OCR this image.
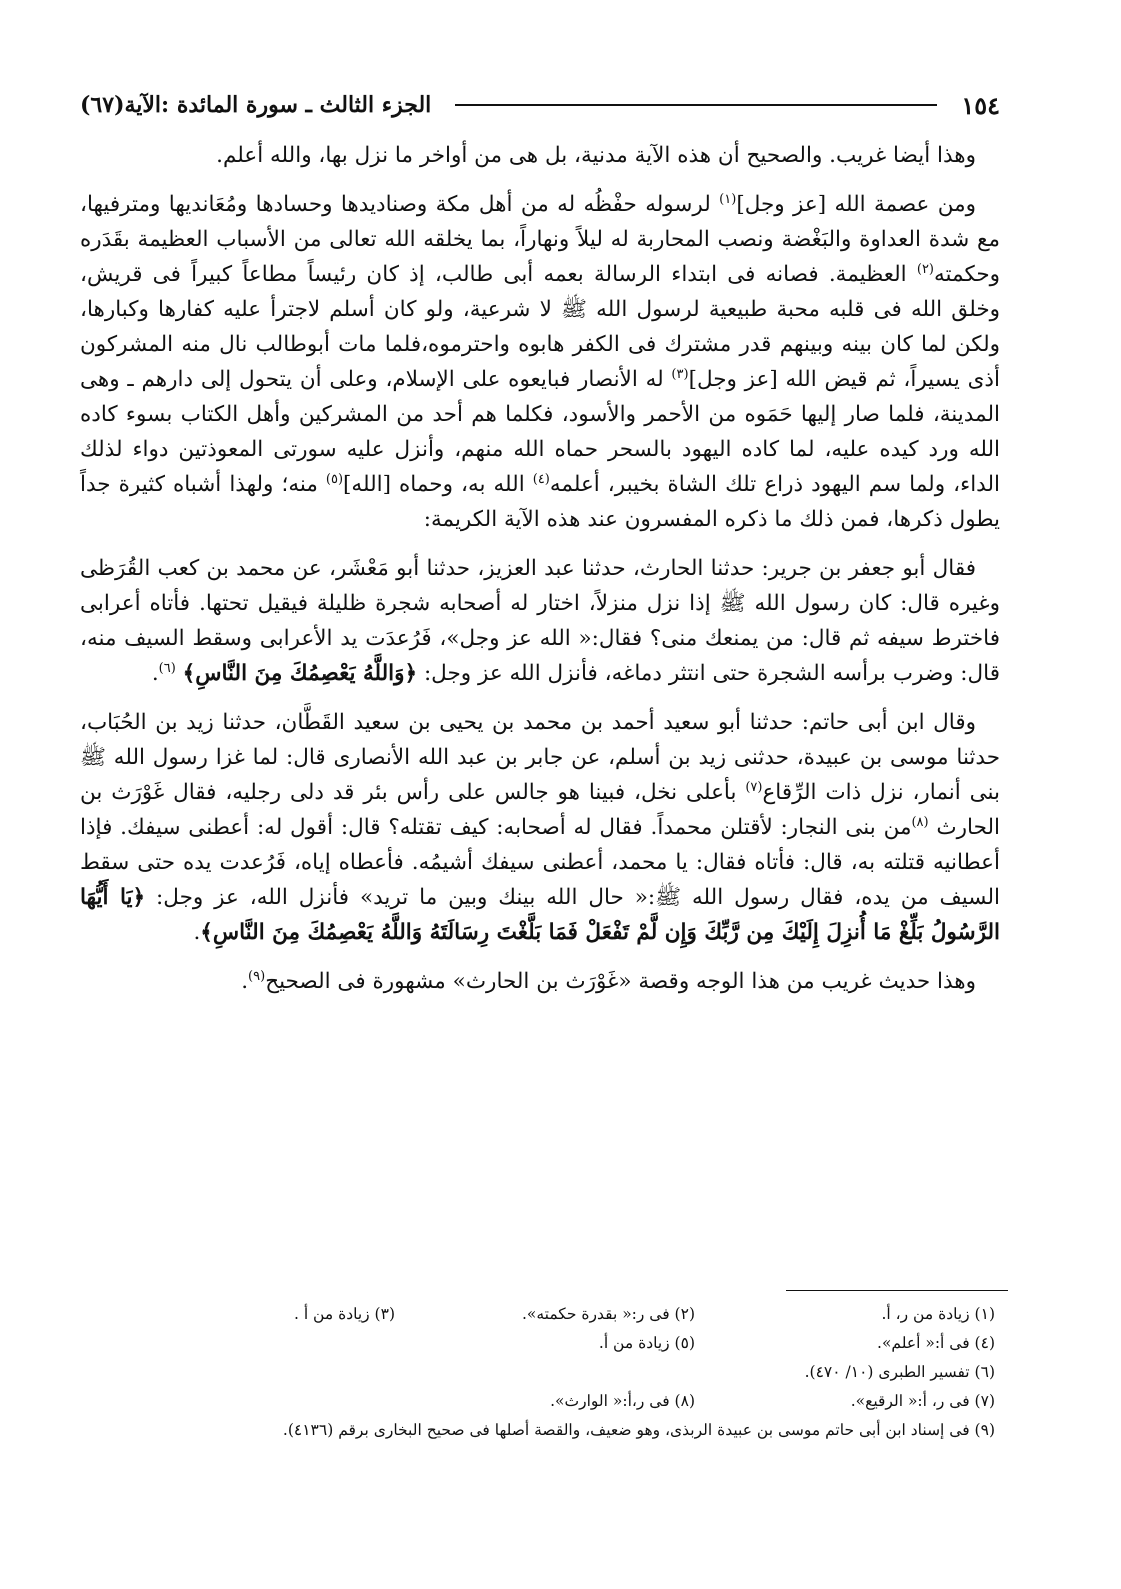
١٥٤
الجزء الثالث ـ سورة المائدة :الآية(٦٧)

وهذا أيضا غريب. والصحيح أن هذه الآية مدنية، بل هى من أواخر ما نزل بها، والله أعلم.

ومن عصمة الله [عز وجل]$^{(١)}$ لرسوله حفْظُه له من أهل مكة وصناديدها وحسادها ومُعَانديها ومترفيها، مع شدة العداوة والبَغْضة ونصب المحاربة له ليلاً ونهاراً، بما يخلقه الله تعالى من الأسباب العظيمة بقَدَره وحكمته$^{(٢)}$ العظيمة. فصانه فى ابتداء الرسالة بعمه أبى طالب، إذ كان رئيساً مطاعاً كبيراً فى قريش، وخلق الله فى قلبه محبة طبيعية لرسول الله ﷺ لا شرعية، ولو كان أسلم لاجترأ عليه كفارها وكبارها، ولكن لما كان بينه وبينهم قدر مشترك فى الكفر هابوه واحترموه،فلما مات أبوطالب نال منه المشركون أذى يسيراً، ثم قيض الله [عز وجل]$^{(٣)}$ له الأنصار فبايعوه على الإسلام، وعلى أن يتحول إلى دارهم ـ وهى المدينة، فلما صار إليها حَمَوه من الأحمر والأسود، فكلما هم أحد من المشركين وأهل الكتاب بسوء كاده الله ورد كيده عليه، لما كاده اليهود بالسحر حماه الله منهم، وأنزل عليه سورتى المعوذتين دواء لذلك الداء، ولما سم اليهود ذراع تلك الشاة بخيبر، أعلمه$^{(٤)}$ الله به، وحماه [الله]$^{(٥)}$ منه؛ ولهذا أشباه كثيرة جداً يطول ذكرها، فمن ذلك ما ذكره المفسرون عند هذه الآية الكريمة:

فقال أبو جعفر بن جرير: حدثنا الحارث، حدثنا عبد العزيز، حدثنا أبو مَعْشَر، عن محمد بن كعب القُرَظى وغيره قال: كان رسول الله ﷺ إذا نزل منزلاً، اختار له أصحابه شجرة ظليلة فيقيل تحتها. فأتاه أعرابى فاخترط سيفه ثم قال: من يمنعك منى؟ فقال:« الله عز وجل»، فَرُعدَت يد الأعرابى وسقط السيف منه، قال: وضرب برأسه الشجرة حتى انتثر دماغه، فأنزل الله عز وجل: ﴿وَاللَّهُ يَعْصِمُكَ مِنَ النَّاسِ﴾ $^{(٦)}$.

وقال ابن أبى حاتم: حدثنا أبو سعيد أحمد بن محمد بن يحيى بن سعيد القَطَّان، حدثنا زيد بن الحُبَاب، حدثنا موسى بن عبيدة، حدثنى زيد بن أسلم، عن جابر بن عبد الله الأنصارى قال: لما غزا رسول الله ﷺ بنى أنمار، نزل ذات الرِّقاع$^{(٧)}$ بأعلى نخل، فبينا هو جالس على رأس بئر قد دلى رجليه، فقال غَوْرَث بن الحارث $^{(٨)}$من بنى النجار: لأقتلن محمداً. فقال له أصحابه: كيف تقتله؟ قال: أقول له: أعطنى سيفك. فإذا أعطانيه قتلته به، قال: فأتاه فقال: يا محمد، أعطنى سيفك أشيمُه. فأعطاه إياه، فَرُعدت يده حتى سقط السيف من يده، فقال رسول الله ﷺ:« حال الله بينك وبين ما تريد» فأنزل الله، عز وجل: ﴿يَا أَيُّهَا الرَّسُولُ بَلِّغْ مَا أُنزِلَ إِلَيْكَ مِن رَّبِّكَ وَإِن لَّمْ تَفْعَلْ فَمَا بَلَّغْتَ رِسَالَتَهُ وَاللَّهُ يَعْصِمُكَ مِنَ النَّاسِ﴾.

وهذا حديث غريب من هذا الوجه وقصة «غَوْرَث بن الحارث» مشهورة فى الصحيح$^{(٩)}$.

(١) زيادة من ر، أ.
(٢) فى ر:« بقدرة حكمته».
(٣) زيادة من أ .
(٤) فى أ:« أعلم».
(٥) زيادة من أ.
(٦) تفسير الطبرى (١٠/ ٤٧٠).
(٧) فى ر، أ:« الرقيع».
(٨) فى ر،أ:« الوارث».
(٩) فى إسناد ابن أبى حاتم موسى بن عبيدة الربذى، وهو ضعيف، والقصة أصلها فى صحيح البخارى برقم (٤١٣٦).
